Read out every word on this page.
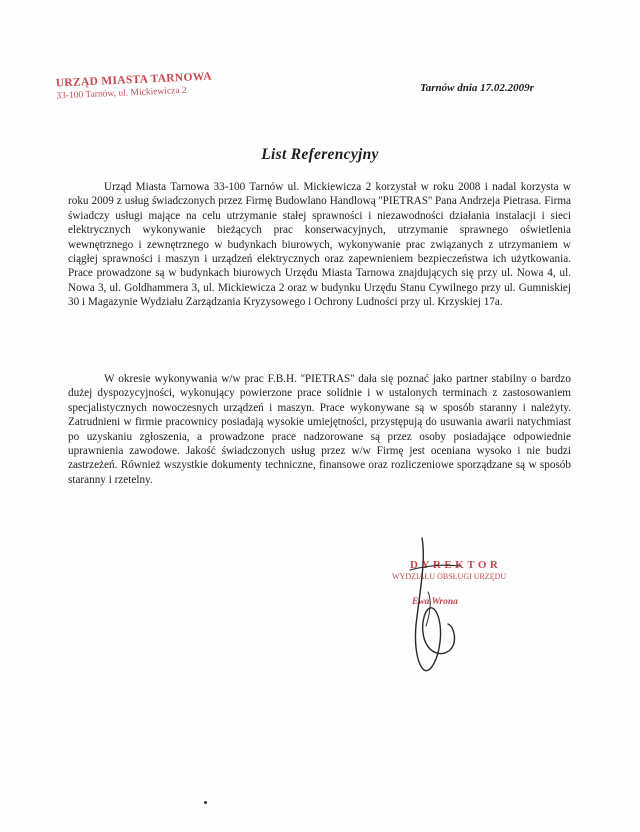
URZĄD MIASTA TARNOWA
33-100 Tarnów, ul. Mickiewicza 2	Tarnów dnia 17.02.2009r
List Referencyjny

Urząd Miasta Tarnowa 33-100 Tarnów ul. Mickiewicza 2 korzystał w roku 2008 i nadal korzysta w roku 2009 z usług świadczonych przez Firmę Budowlano Handlową ''PIETRAS'' Pana Andrzeja Pietrasa. Firma świadczy usługi mające na celu utrzymanie stałej sprawności i niezawodności działania instalacji i sieci elektrycznych wykonywanie bieżących prac konserwacyjnych, utrzymanie sprawnego oświetlenia wewnętrznego i zewnętrznego w budynkach biurowych, wykonywanie prac związanych z utrzymaniem w ciągłej sprawności i maszyn i urządzeń elektrycznych oraz zapewnieniem bezpieczeństwa ich użytkowania. Prace prowadzone są w budynkach biurowych Urzędu Miasta Tarnowa znajdujących się przy ul. Nowa 4, ul. Nowa 3, ul. Goldhammera 3, ul. Mickiewicza 2 oraz w budynku Urzędu Stanu Cywilnego przy ul. Gumniskiej 30 i Magazynie Wydziału Zarządzania Kryzysowego i Ochrony Ludności przy ul. Krzyskiej 17a.

W okresie wykonywania w/w prac F.B.H. ''PIETRAS'' dała się poznać jako partner stabilny o bardzo dużej dyspozycyjności, wykonujący powierzone prace solidnie i w ustalonych terminach z zastosowaniem specjalistycznych nowoczesnych urządzeń i maszyn. Prace wykonywane są w sposób staranny i należyty. Zatrudnieni w firmie pracownicy posiadają wysokie umiejętności, przystępują do usuwania awarii natychmiast po uzyskaniu zgłoszenia, a prowadzone prace nadzorowane są przez osoby posiadające odpowiednie uprawnienia zawodowe. Jakość świadczonych usług przez w/w Firmę jest oceniana wysoko i nie budzi zastrzeżeń. Również wszystkie dokumenty techniczne, finansowe oraz rozliczeniowe sporządzane są w sposób staranny i rzetelny.

DYREKTOR
WYDZIAŁU OBSŁUGI URZĘDU
Ewa Wrona
